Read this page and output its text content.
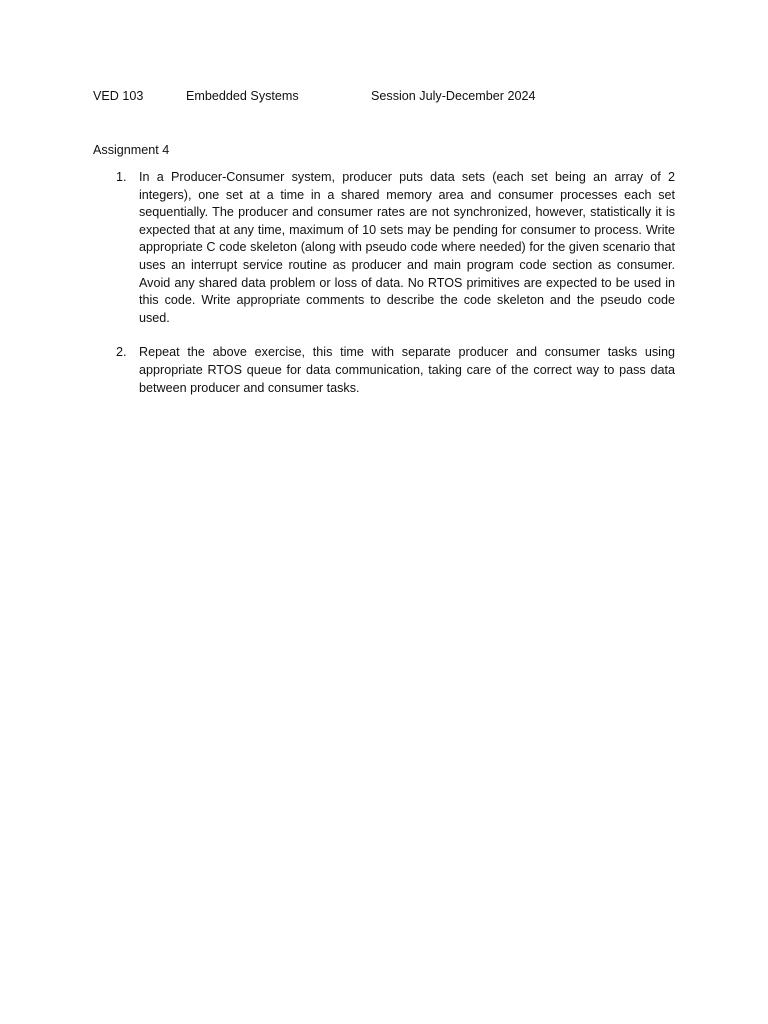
VED 103	Embedded Systems	Session July-December 2024
Assignment 4
1. In a Producer-Consumer system, producer puts data sets (each set being an array of 2 integers), one set at a time in a shared memory area and consumer processes each set sequentially. The producer and consumer rates are not synchronized, however, statistically it is expected that at any time, maximum of 10 sets may be pending for consumer to process. Write appropriate C code skeleton (along with pseudo code where needed) for the given scenario that uses an interrupt service routine as producer and main program code section as consumer. Avoid any shared data problem or loss of data. No RTOS primitives are expected to be used in this code. Write appropriate comments to describe the code skeleton and the pseudo code used.
2. Repeat the above exercise, this time with separate producer and consumer tasks using appropriate RTOS queue for data communication, taking care of the correct way to pass data between producer and consumer tasks.
